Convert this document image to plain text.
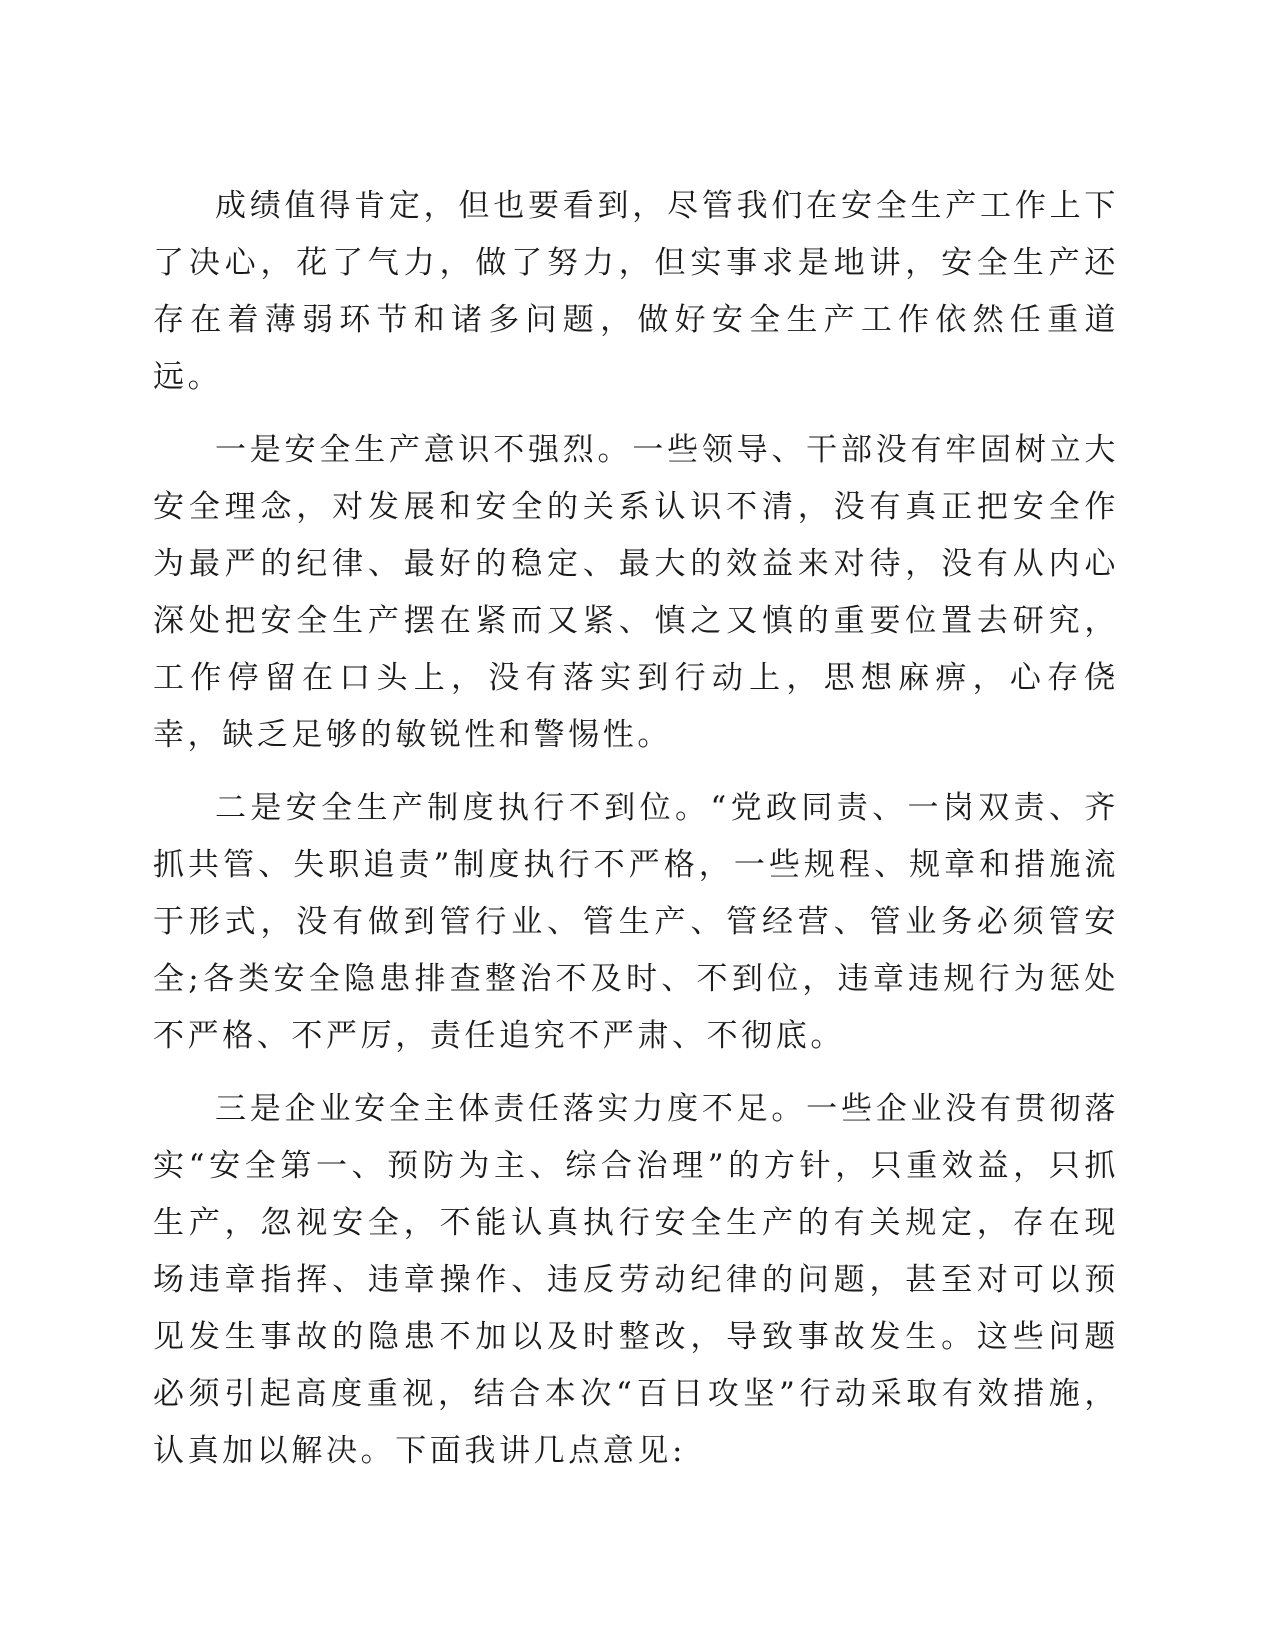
成绩值得肯定，但也要看到，尽管我们在安全生产工作上下了决心，花了气力，做了努力，但实事求是地讲，安全生产还存在着薄弱环节和诸多问题，做好安全生产工作依然任重道远。

一是安全生产意识不强烈。一些领导、干部没有牢固树立大安全理念，对发展和安全的关系认识不清，没有真正把安全作为最严的纪律、最好的稳定、最大的效益来对待，没有从内心深处把安全生产摆在紧而又紧、慎之又慎的重要位置去研究，工作停留在口头上，没有落实到行动上，思想麻痹，心存侥幸，缺乏足够的敏锐性和警惕性。

二是安全生产制度执行不到位。“党政同责、一岗双责、齐抓共管、失职追责”制度执行不严格，一些规程、规章和措施流于形式，没有做到管行业、管生产、管经营、管业务必须管安全;各类安全隐患排查整治不及时、不到位，违章违规行为惩处不严格、不严厉，责任追究不严肃、不彻底。

三是企业安全主体责任落实力度不足。一些企业没有贯彻落实“安全第一、预防为主、综合治理”的方针，只重效益，只抓生产，忽视安全，不能认真执行安全生产的有关规定，存在现场违章指挥、违章操作、违反劳动纪律的问题，甚至对可以预见发生事故的隐患不加以及时整改，导致事故发生。这些问题必须引起高度重视，结合本次“百日攻坚”行动采取有效措施，认真加以解决。下面我讲几点意见:
